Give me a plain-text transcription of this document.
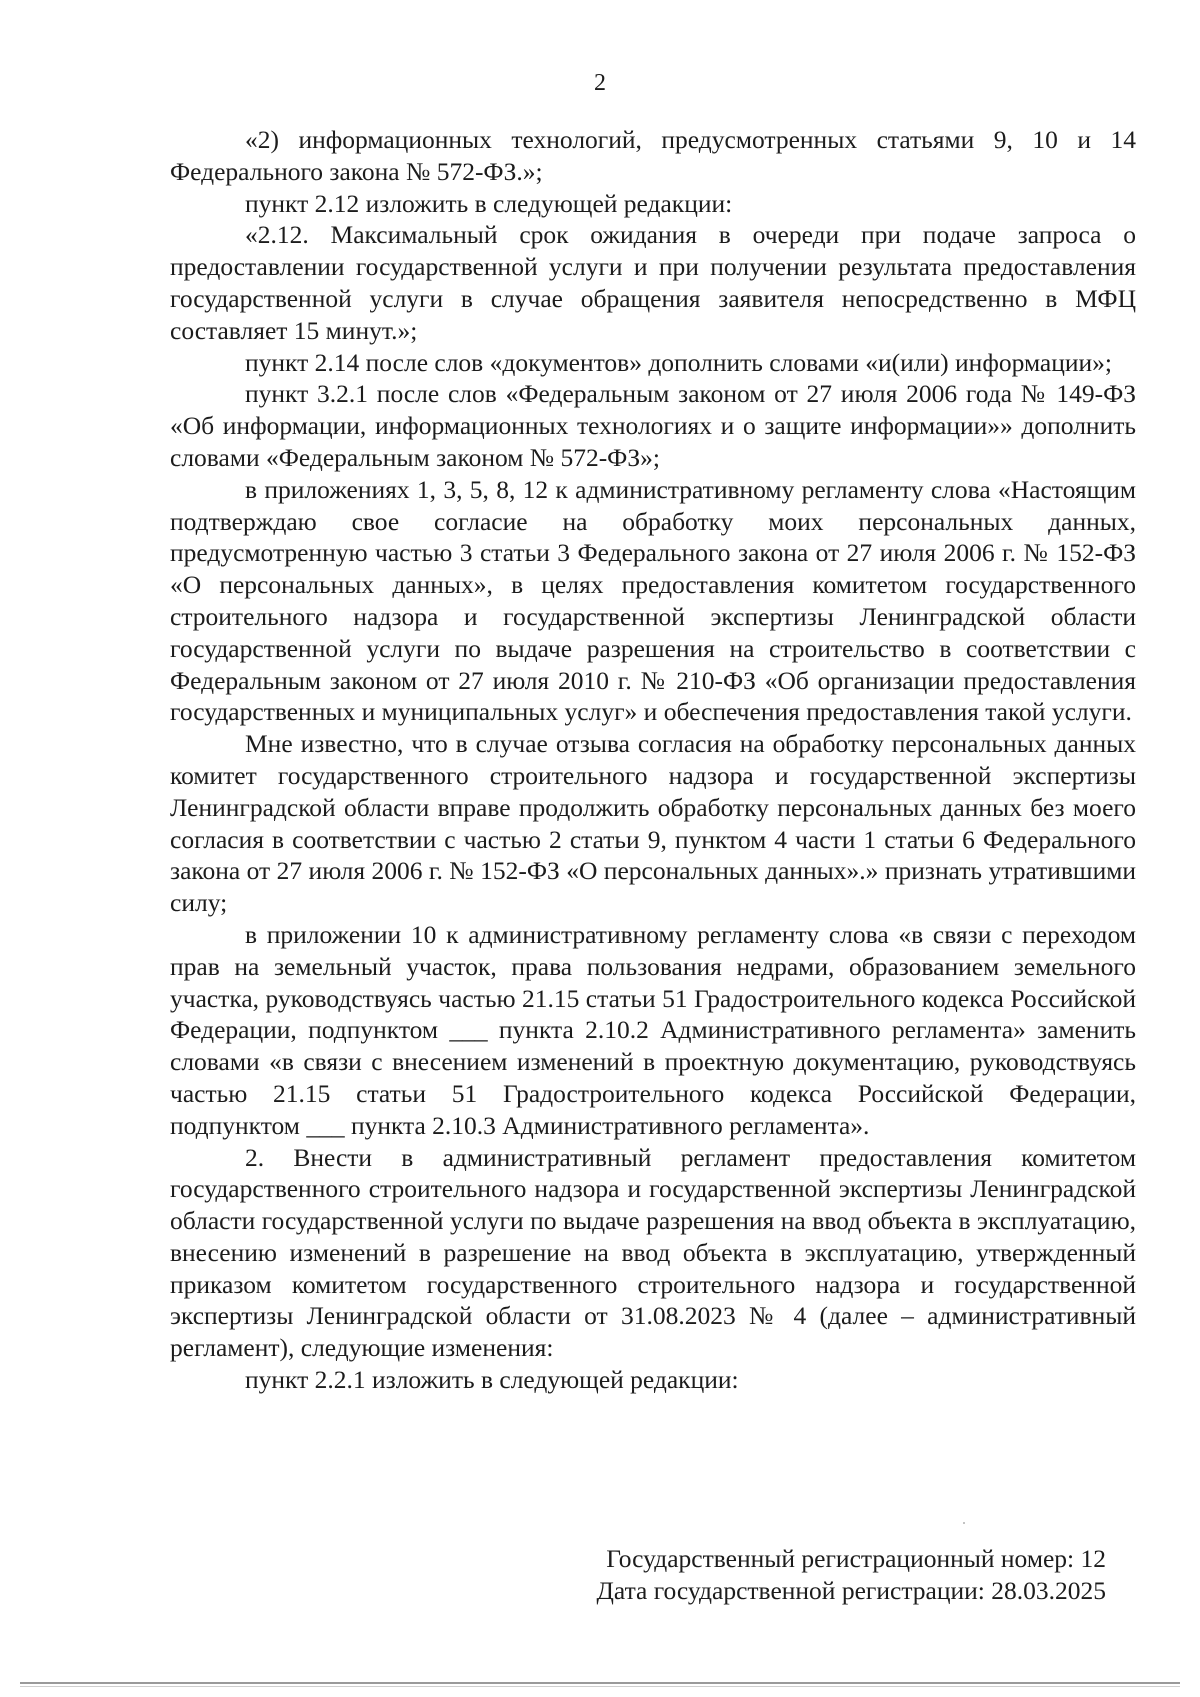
2

«2) информационных технологий, предусмотренных статьями 9, 10 и 14 Федерального закона № 572-ФЗ.»;

пункт 2.12 изложить в следующей редакции:

«2.12. Максимальный срок ожидания в очереди при подаче запроса о предоставлении государственной услуги и при получении результата предоставления государственной услуги в случае обращения заявителя непосредственно в МФЦ составляет 15 минут.»;

пункт 2.14 после слов «документов» дополнить словами «и(или) информации»;

пункт 3.2.1 после слов «Федеральным законом от 27 июля 2006 года № 149-ФЗ «Об информации, информационных технологиях и о защите информации»» дополнить словами «Федеральным законом № 572-ФЗ»;

в приложениях 1, 3, 5, 8, 12 к административному регламенту слова «Настоящим подтверждаю свое согласие на обработку моих персональных данных, предусмотренную частью 3 статьи 3 Федерального закона от 27 июля 2006 г. № 152-ФЗ «О персональных данных», в целях предоставления комитетом государственного строительного надзора и государственной экспертизы Ленинградской области государственной услуги по выдаче разрешения на строительство в соответствии с Федеральным законом от 27 июля 2010 г. № 210-ФЗ «Об организации предоставления государственных и муниципальных услуг» и обеспечения предоставления такой услуги.

Мне известно, что в случае отзыва согласия на обработку персональных данных комитет государственного строительного надзора и государственной экспертизы Ленинградской области вправе продолжить обработку персональных данных без моего согласия в соответствии с частью 2 статьи 9, пунктом 4 части 1 статьи 6 Федерального закона от 27 июля 2006 г. № 152-ФЗ «О персональных данных».» признать утратившими силу;

в приложении 10 к административному регламенту слова «в связи с переходом прав на земельный участок, права пользования недрами, образованием земельного участка, руководствуясь частью 21.15 статьи 51 Градостроительного кодекса Российской Федерации, подпунктом ___ пункта 2.10.2 Административного регламента» заменить словами «в связи с внесением изменений в проектную документацию, руководствуясь частью 21.15 статьи 51 Градостроительного кодекса Российской Федерации, подпунктом ___ пункта 2.10.3 Административного регламента».

2. Внести в административный регламент предоставления комитетом государственного строительного надзора и государственной экспертизы Ленинградской области государственной услуги по выдаче разрешения на ввод объекта в эксплуатацию, внесению изменений в разрешение на ввод объекта в эксплуатацию, утвержденный приказом комитетом государственного строительного надзора и государственной экспертизы Ленинградской области от 31.08.2023 № 4 (далее – административный регламент), следующие изменения:

пункт 2.2.1 изложить в следующей редакции:

Государственный регистрационный номер: 12
Дата государственной регистрации: 28.03.2025
